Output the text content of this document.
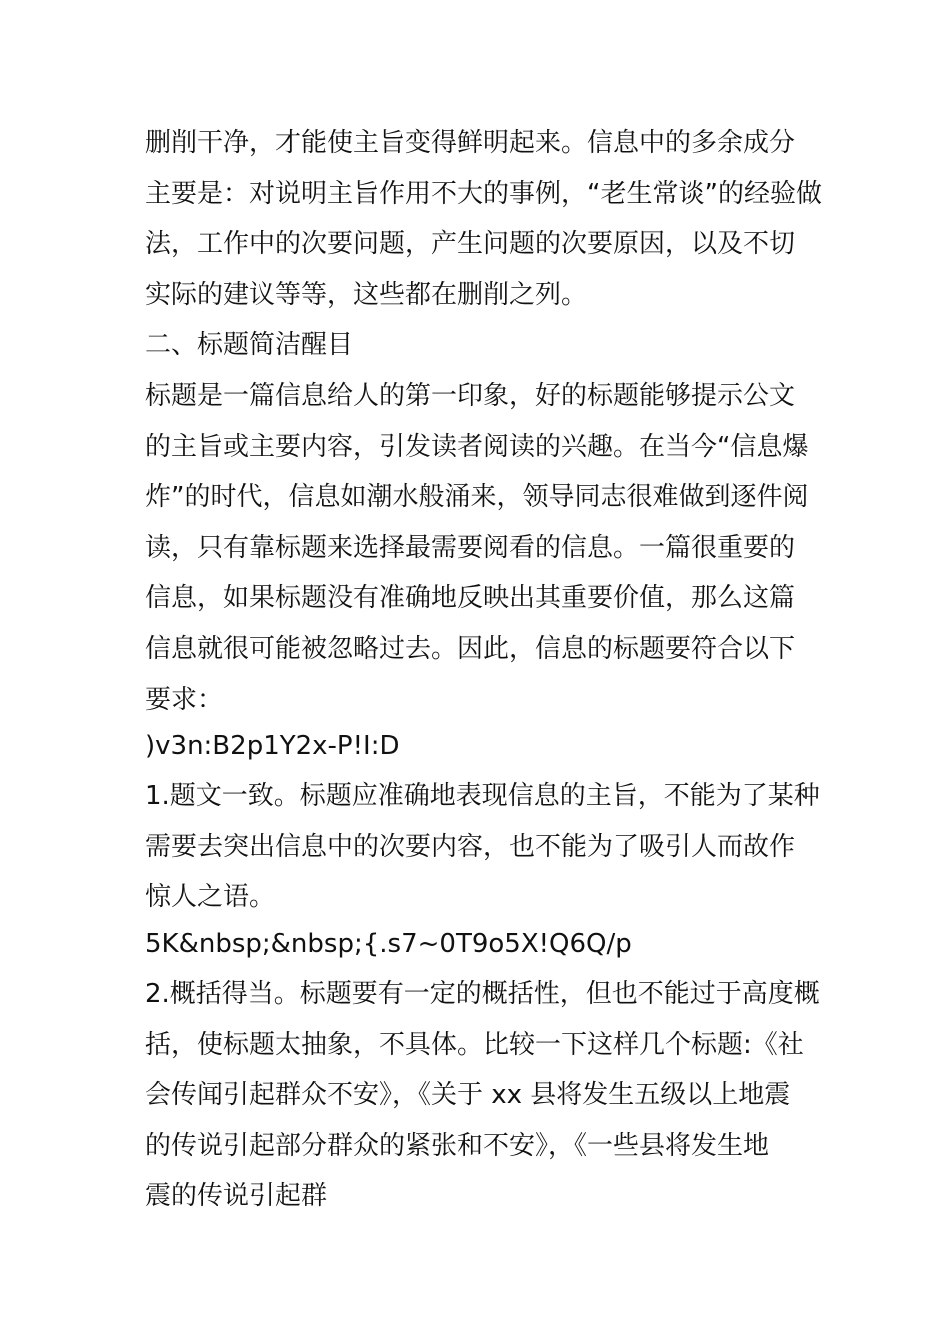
删削干净，才能使主旨变得鲜明起来。信息中的多余成分

主要是：对说明主旨作用不大的事例，“老生常谈”的经验做

法，工作中的次要问题，产生问题的次要原因，以及不切

实际的建议等等，这些都在删削之列。

二、标题简洁醒目

标题是一篇信息给人的第一印象，好的标题能够提示公文

的主旨或主要内容，引发读者阅读的兴趣。在当今“信息爆

炸”的时代，信息如潮水般涌来，领导同志很难做到逐件阅

读，只有靠标题来选择最需要阅看的信息。一篇很重要的

信息，如果标题没有准确地反映出其重要价值，那么这篇

信息就很可能被忽略过去。因此，信息的标题要符合以下

要求：

)v3n:B2p1Y2x-P!I:D

1.题文一致。标题应准确地表现信息的主旨，不能为了某种

需要去突出信息中的次要内容，也不能为了吸引人而故作

惊人之语。

5K&nbsp;&nbsp;{.s7~0T9o5X!Q6Q/p

2.概括得当。标题要有一定的概括性，但也不能过于高度概

括，使标题太抽象，不具体。比较一下这样几个标题:《社

会传闻引起群众不安》，《关于 xx 县将发生五级以上地震

的传说引起部分群众的紧张和不安》，《一些县将发生地

震的传说引起群
